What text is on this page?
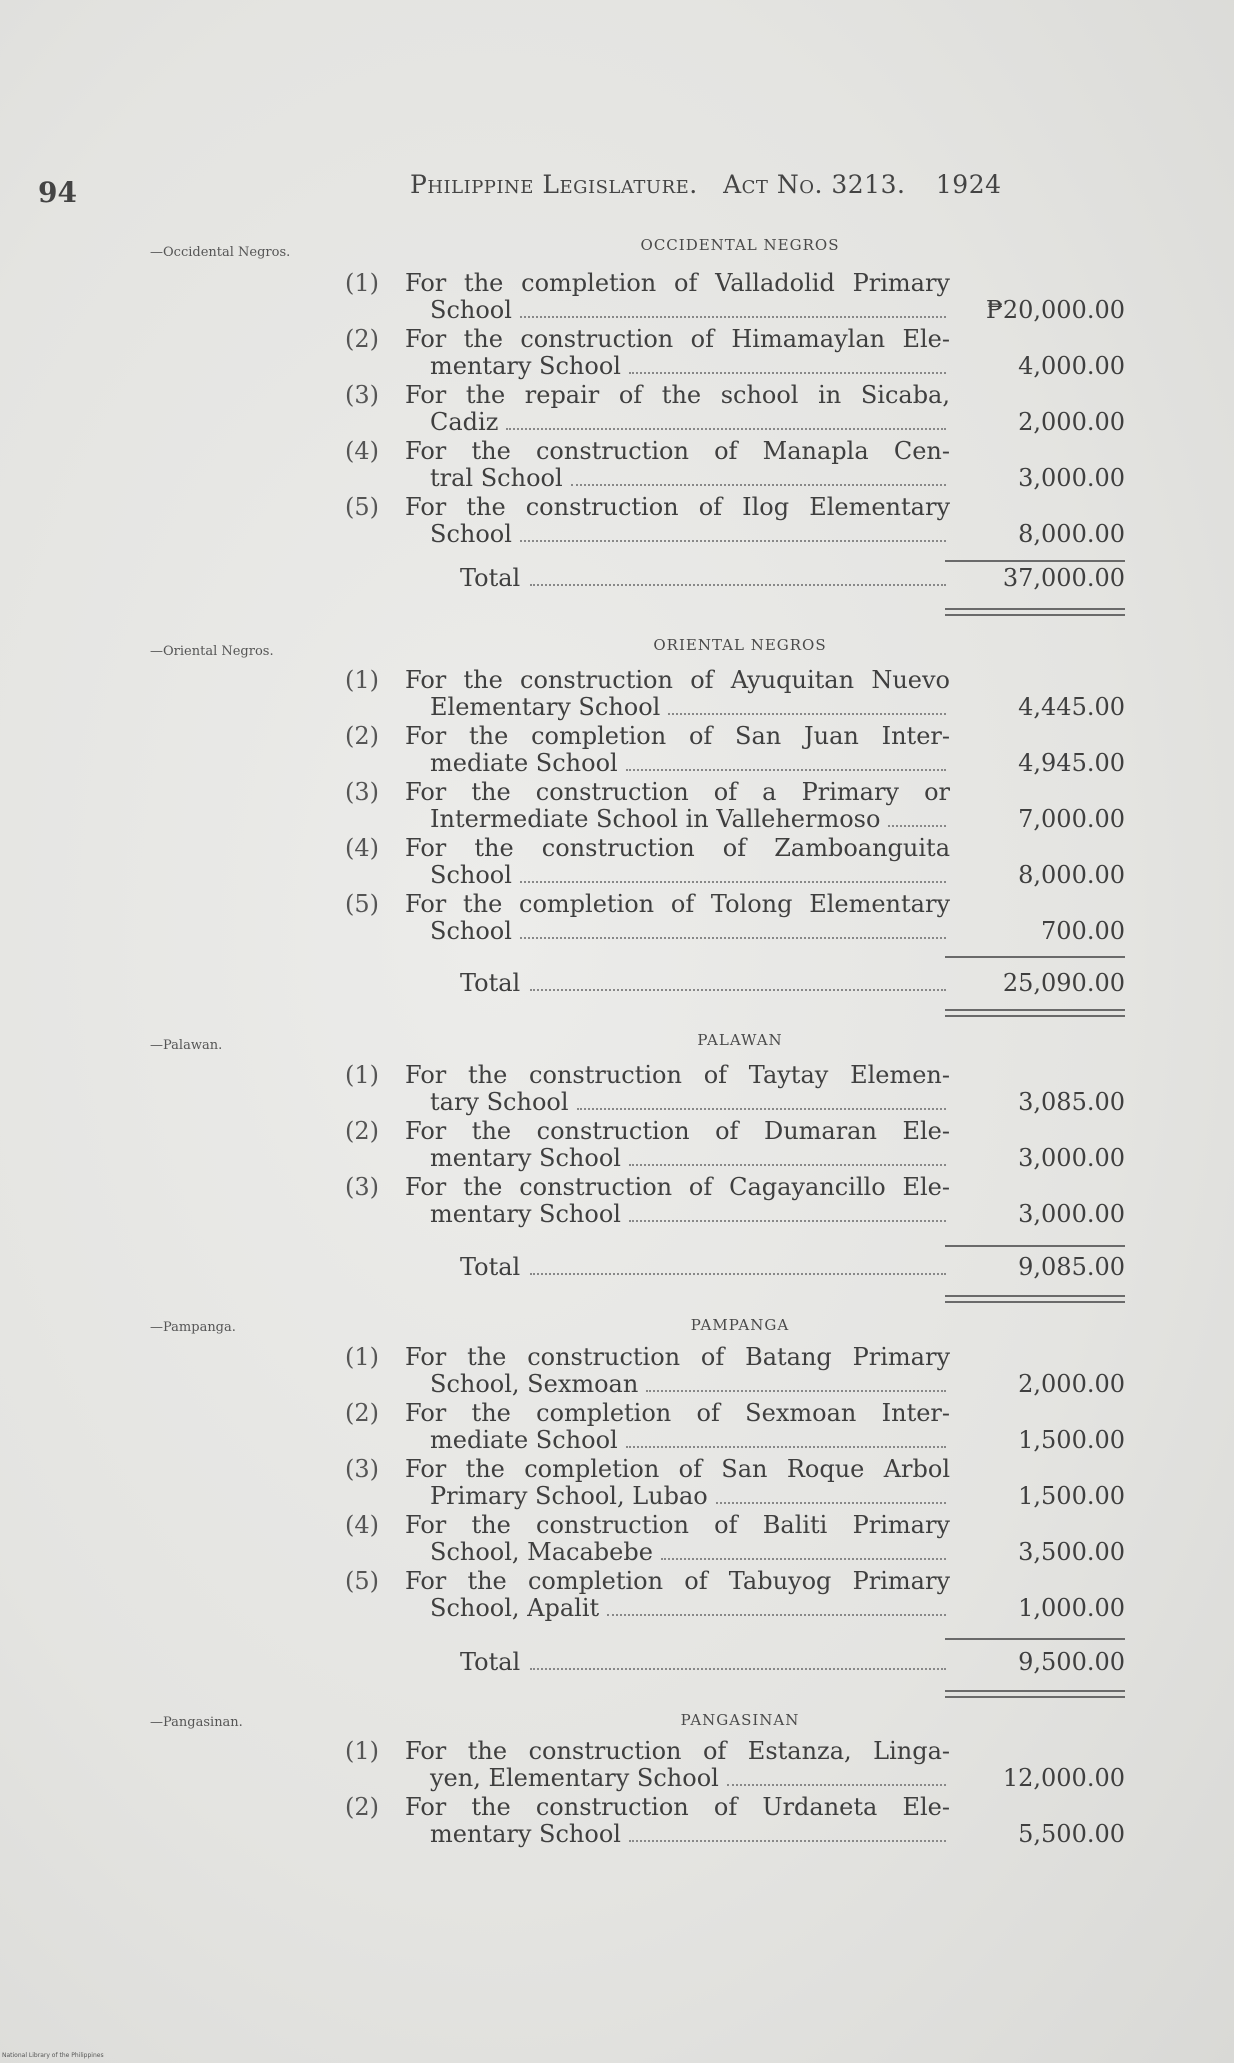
94	Philippine Legislature. Act No. 3213. 1924
—Occidental Negros.	OCCIDENTAL NEGROS
(1)	For the completion of Valladolid Primary
School	₱20,000.00
(2)	For the construction of Himamaylan Ele-
mentary School	4,000.00
(3)	For the repair of the school in Sicaba,
Cadiz	2,000.00
(4)	For the construction of Manapla Cen-
tral School	3,000.00
(5)	For the construction of Ilog Elementary
School	8,000.00
Total	37,000.00
—Oriental Negros.	ORIENTAL NEGROS
(1)	For the construction of Ayuquitan Nuevo
Elementary School	4,445.00
(2)	For the completion of San Juan Inter-
mediate School	4,945.00
(3)	For the construction of a Primary or
Intermediate School in Vallehermoso	7,000.00
(4)	For the construction of Zamboanguita
School	8,000.00
(5)	For the completion of Tolong Elementary
School	700.00
Total	25,090.00
—Palawan.	PALAWAN
(1)	For the construction of Taytay Elemen-
tary School	3,085.00
(2)	For the construction of Dumaran Ele-
mentary School	3,000.00
(3)	For the construction of Cagayancillo Ele-
mentary School	3,000.00
Total	9,085.00
—Pampanga.	PAMPANGA
(1)	For the construction of Batang Primary
School, Sexmoan	2,000.00
(2)	For the completion of Sexmoan Inter-
mediate School	1,500.00
(3)	For the completion of San Roque Arbol
Primary School, Lubao	1,500.00
(4)	For the construction of Baliti Primary
School, Macabebe	3,500.00
(5)	For the completion of Tabuyog Primary
School, Apalit	1,000.00
Total	9,500.00
—Pangasinan.	PANGASINAN
(1)	For the construction of Estanza, Linga-
yen, Elementary School	12,000.00
(2)	For the construction of Urdaneta Ele-
mentary School	5,500.00
National Library of the Philippines
